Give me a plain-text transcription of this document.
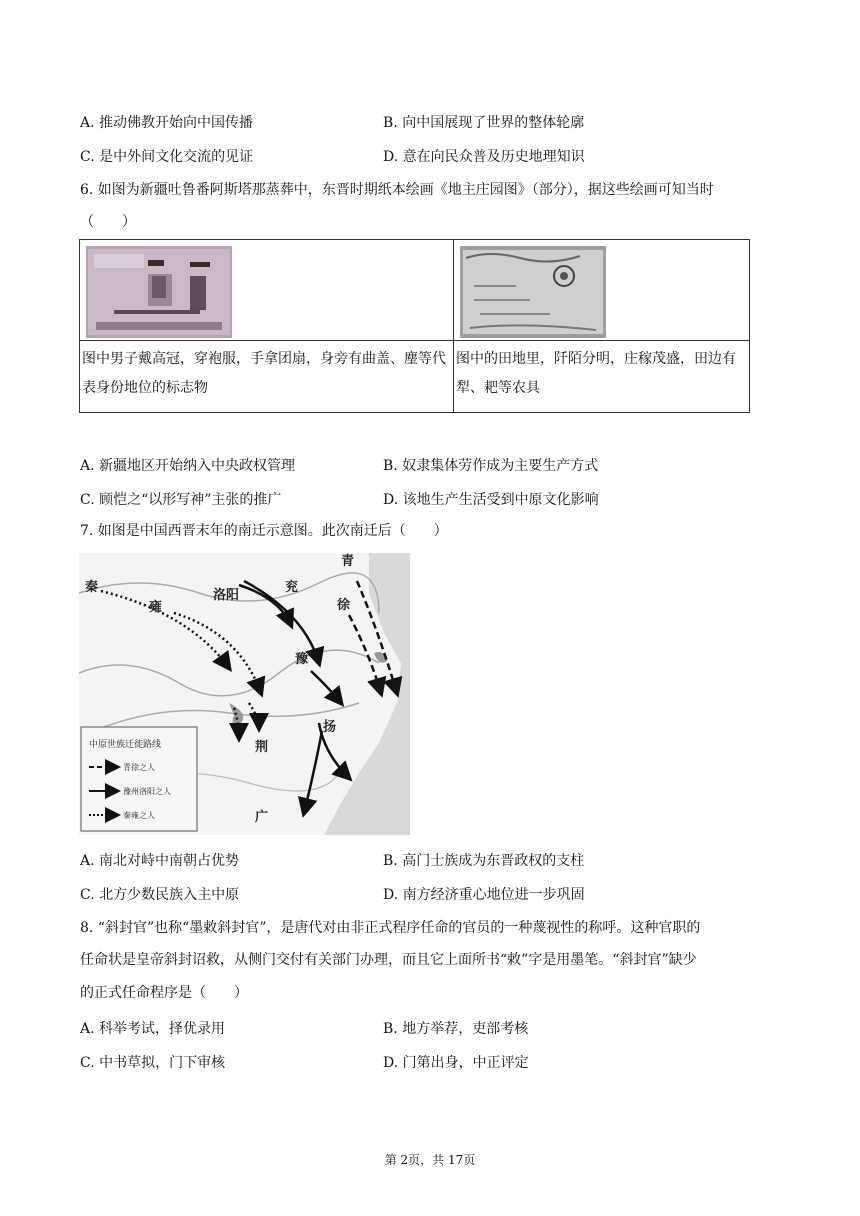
A. 推动佛教开始向中国传播	B. 向中国展现了世界的整体轮廓
C. 是中外间文化交流的见证	D. 意在向民众普及历史地理知识
6. 如图为新疆吐鲁番阿斯塔那蒸葬中，东晋时期纸本绘画《地主庄园图》（部分），据这些绘画可知当时
（　　）

图中男子戴高冠，穿袍服，手拿团扇，身旁有曲盖、麈等代表身份地位的标志物	图中的田地里，阡陌分明，庄稼茂盛，田边有犁、耙等农具
A. 新疆地区开始纳入中央政权管理	B. 奴隶集体劳作成为主要生产方式
C. 顾恺之“以形写神”主张的推广	D. 该地生产生活受到中原文化影响
7. 如图是中国西晋末年的南迁示意图。此次南迁后（　　）
青
秦
雍
洛阳
兖
徐
豫
扬
荆
广
中原世族迁徙路线
青徐之人
豫州洛阳之人
秦雍之人
A. 南北对峙中南朝占优势	B. 高门士族成为东晋政权的支柱
C. 北方少数民族入主中原	D. 南方经济重心地位进一步巩固
8. “斜封官”也称“墨敕斜封官”，是唐代对由非正式程序任命的官员的一种蔑视性的称呼。这种官职的
任命状是皇帝斜封诏救，从侧门交付有关部门办理，而且它上面所书“敕”字是用墨笔。“斜封官”缺少
的正式任命程序是（　　）
A. 科举考试，择优录用	B. 地方举荐，吏部考核
C. 中书草拟，门下审核	D. 门第出身，中正评定
第 2页，共 17页
